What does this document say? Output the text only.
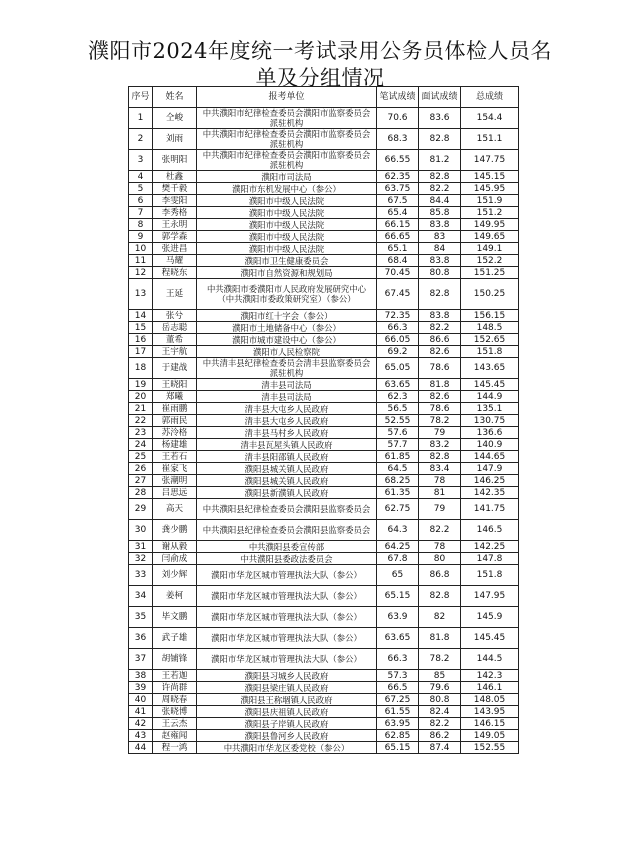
濮阳市2024年度统一考试录用公务员体检人员名
单及分组情况
序号	姓名	报考单位	笔试成绩	面试成绩	总成绩
1	仝峻	中共濮阳市纪律检查委员会濮阳市监察委员会派驻机构	70.6	83.6	154.4
2	刘雨	中共濮阳市纪律检查委员会濮阳市监察委员会派驻机构	68.3	82.8	151.1
3	张明阳	中共濮阳市纪律检查委员会濮阳市监察委员会派驻机构	66.55	81.2	147.75
4	杜鑫	濮阳市司法局	62.35	82.8	145.15
5	樊千毅	濮阳市东机发展中心（参公）	63.75	82.2	145.95
6	李雯阳	濮阳市中级人民法院	67.5	84.4	151.9
7	李秀格	濮阳市中级人民法院	65.4	85.8	151.2
8	王永明	濮阳市中级人民法院	66.15	83.8	149.95
9	郭学森	濮阳市中级人民法院	66.65	83	149.65
10	张进昌	濮阳市中级人民法院	65.1	84	149.1
11	马耀	濮阳市卫生健康委员会	68.4	83.8	152.2
12	程晓东	濮阳市自然资源和规划局	70.45	80.8	151.25
13	王延	中共濮阳市委濮阳市人民政府发展研究中心（中共濮阳市委政策研究室）（参公）	67.45	82.8	150.25
14	张兮	濮阳市红十字会（参公）	72.35	83.8	156.15
15	岳志聪	濮阳市土地储备中心（参公）	66.3	82.2	148.5
16	董希	濮阳市城市建设中心（参公）	66.05	86.6	152.65
17	王宇航	濮阳市人民检察院	69.2	82.6	151.8
18	于建战	中共清丰县纪律检查委员会清丰县监察委员会派驻机构	65.05	78.6	143.65
19	王晓阳	清丰县司法局	63.65	81.8	145.45
20	郑曦	清丰县司法局	62.3	82.6	144.9
21	崔雨鹏	清丰县大屯乡人民政府	56.5	78.6	135.1
22	郭雨民	清丰县大屯乡人民政府	52.55	78.2	130.75
23	苏泠格	清丰县马村乡人民政府	57.6	79	136.6
24	杨建雄	清丰县瓦屋头镇人民政府	57.7	83.2	140.9
25	王若石	清丰县阳邵镇人民政府	61.85	82.8	144.65
26	崔家飞	濮阳县城关镇人民政府	64.5	83.4	147.9
27	张潮明	濮阳县城关镇人民政府	68.25	78	146.25
28	吕思远	濮阳县新濮镇人民政府	61.35	81	142.35
29	高天	中共濮阳县纪律检查委员会濮阳县监察委员会	62.75	79	141.75
30	龚少鹏	中共濮阳县纪律检查委员会濮阳县监察委员会	64.3	82.2	146.5
31	谢从毅	中共濮阳县委宣传部	64.25	78	142.25
32	闫俞成	中共濮阳县委政法委员会	67.8	80	147.8
33	刘少辉	濮阳市华龙区城市管理执法大队（参公）	65	86.8	151.8
34	姜柯	濮阳市华龙区城市管理执法大队（参公）	65.15	82.8	147.95
35	毕文鹏	濮阳市华龙区城市管理执法大队（参公）	63.9	82	145.9
36	武子雄	濮阳市华龙区城市管理执法大队（参公）	63.65	81.8	145.45
37	胡铺锋	濮阳市华龙区城市管理执法大队（参公）	66.3	78.2	144.5
38	王若迦	濮阳县习城乡人民政府	57.3	85	142.3
39	许尚群	濮阳县梁庄镇人民政府	66.5	79.6	146.1
40	周晓春	濮阳县王称堌镇人民政府	67.25	80.8	148.05
41	张晓博	濮阳县庆祖镇人民政府	61.55	82.4	143.95
42	王云杰	濮阳县子岸镇人民政府	63.95	82.2	146.15
43	赵雍闻	濮阳县鲁河乡人民政府	62.85	86.2	149.05
44	程一鸿	中共濮阳市华龙区委党校（参公）	65.15	87.4	152.55
